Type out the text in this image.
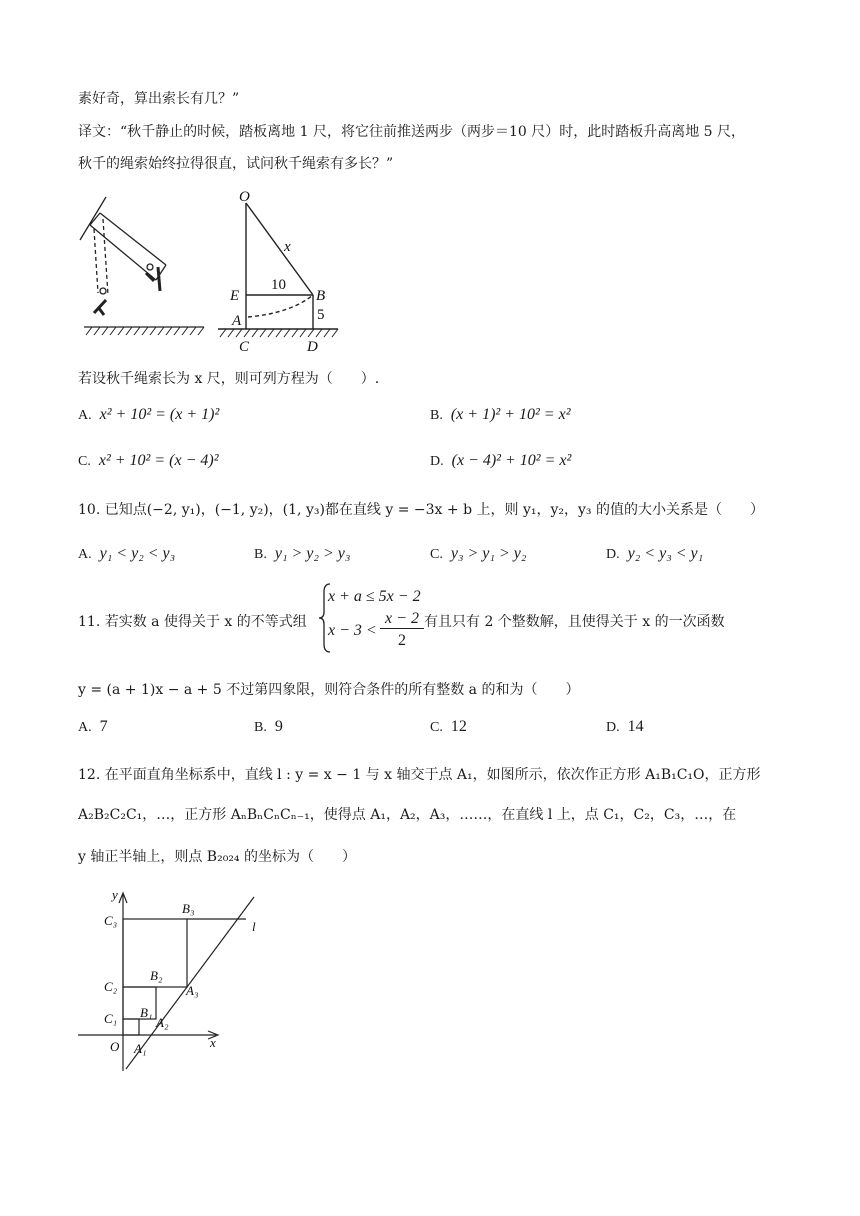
素好奇，算出索长有几？”
译文：“秋千静止的时候，踏板离地 1 尺，将它往前推送两步（两步＝10 尺）时，此时踏板升高离地 5 尺，
秋千的绳索始终拉得很直，试问秋千绳索有多长？”
O
x
E	B
A
C	D
10
5
若设秋千绳索长为 x 尺，则可列方程为（　　）.
A. x² + 10² = (x + 1)²	B. (x + 1)² + 10² = x²
C. x² + 10² = (x − 4)²	D. (x − 4)² + 10² = x²
10. 已知点(−2, y₁)，(−1, y₂)，(1, y₃)都在直线 y = −3x + b 上，则 y₁，y₂，y₃ 的值的大小关系是（　　）
A. y₁ < y₂ < y₃	B. y₁ > y₂ > y₃	C. y₃ > y₁ > y₂	D. y₂ < y₃ < y₁
11. 若实数 a 使得关于 x 的不等式组
x + a ≤ 5x − 2
x − 3 <
x − 2
2
有且只有 2 个整数解，且使得关于 x 的一次函数
y = (a + 1)x − a + 5 不过第四象限，则符合条件的所有整数 a 的和为（　　）
A. 7	B. 9	C. 12	D. 14
12. 在平面直角坐标系中，直线 l : y = x − 1 与 x 轴交于点 A₁，如图所示，依次作正方形 A₁B₁C₁O，正方形
A₂B₂C₂C₁，…，正方形 AₙBₙCₙCₙ₋₁，使得点 A₁，A₂，A₃，……，在直线 l 上，点 C₁，C₂，C₃，…，在
y 轴正半轴上，则点 B₂₀₂₄ 的坐标为（　　）
y
x
O
l
A₁
A₂
A₃
B₁
B₂
B₃
C₁
C₂
C₃
